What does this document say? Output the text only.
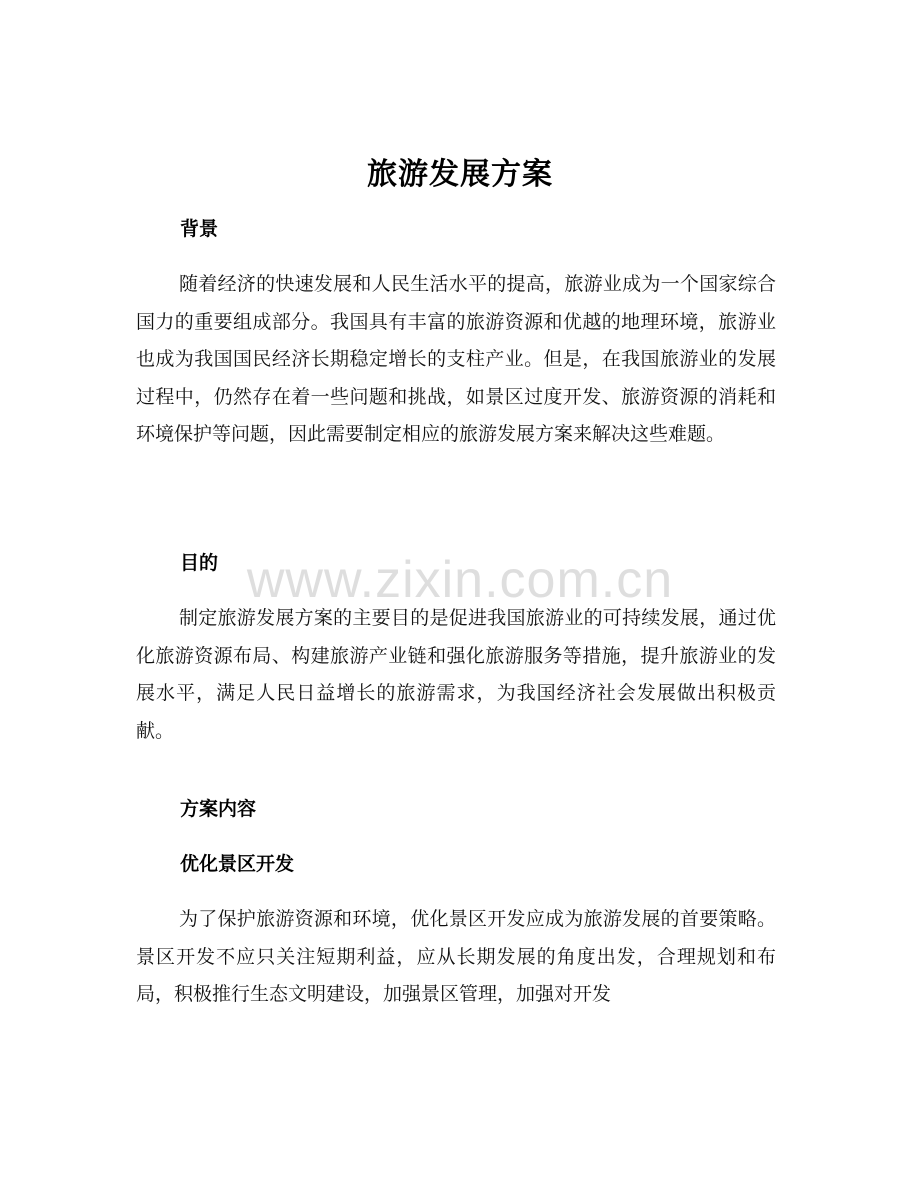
旅游发展方案
背景
随着经济的快速发展和人民生活水平的提高，旅游业成为一个国家综合国力的重要组成部分。我国具有丰富的旅游资源和优越的地理环境，旅游业也成为我国国民经济长期稳定增长的支柱产业。但是，在我国旅游业的发展过程中，仍然存在着一些问题和挑战，如景区过度开发、旅游资源的消耗和环境保护等问题，因此需要制定相应的旅游发展方案来解决这些难题。
目的
制定旅游发展方案的主要目的是促进我国旅游业的可持续发展，通过优化旅游资源布局、构建旅游产业链和强化旅游服务等措施，提升旅游业的发展水平，满足人民日益增长的旅游需求，为我国经济社会发展做出积极贡献。
方案内容
优化景区开发
为了保护旅游资源和环境，优化景区开发应成为旅游发展的首要策略。景区开发不应只关注短期利益，应从长期发展的角度出发，合理规划和布局，积极推行生态文明建设，加强景区管理，加强对开发
www.zixin.com.cn
